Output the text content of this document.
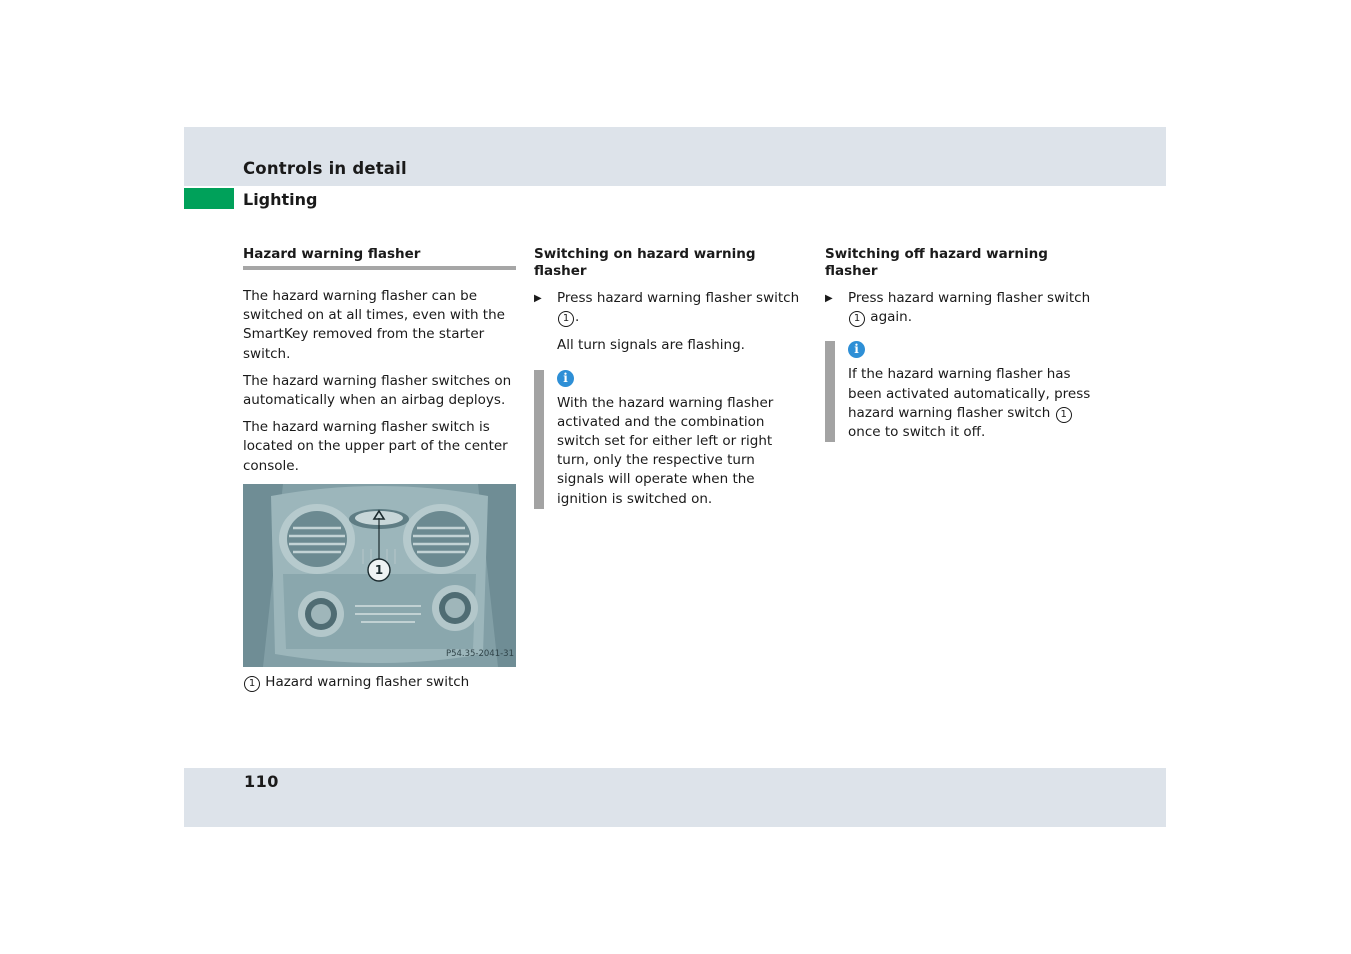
Controls in detail
Lighting
Hazard warning flasher

The hazard warning flasher can be switched on at all times, even with the SmartKey removed from the starter switch.

The hazard warning flasher switches on automatically when an airbag deploys.

The hazard warning flasher switch is located on the upper part of the center console.

1
P54.35-2041-31
1 Hazard warning flasher switch
Switching on hazard warning flasher
▶ Press hazard warning flasher switch 1 .
All turn signals are flashing.
i

With the hazard warning flasher activated and the combination switch set for either left or right turn, only the respective turn signals will operate when the ignition is switched on.

Switching off hazard warning flasher
▶ Press hazard warning flasher switch 1 again.
i

If the hazard warning flasher has been activated automatically, press hazard warning flasher switch 1 once to switch it off.

110
